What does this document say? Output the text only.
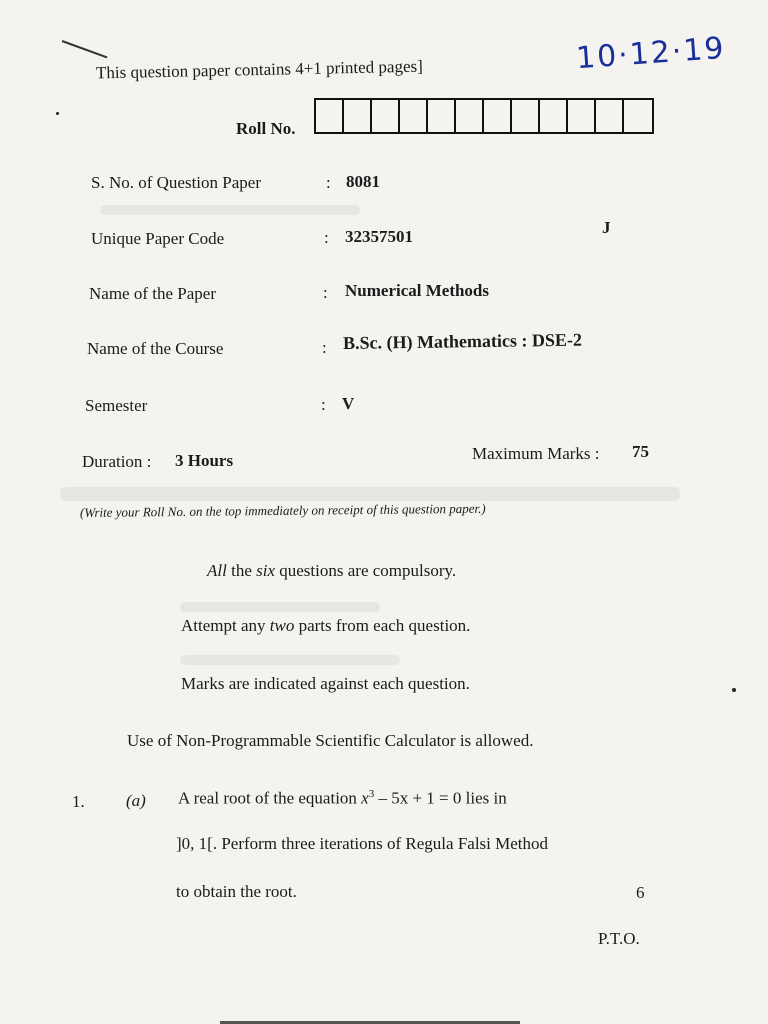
This question paper contains 4+1 printed pages]	10·12·19
Roll No.
S. No. of Question Paper	: 8081
Unique Paper Code	: 32357501	J
Name of the Paper	: Numerical Methods
Name of the Course	: B.Sc. (H) Mathematics : DSE-2
Semester	: V
Duration : 3 Hours	Maximum Marks : 75
(Write your Roll No. on the top immediately on receipt of this question paper.)
All the six questions are compulsory.
Attempt any two parts from each question.
Marks are indicated against each question.
Use of Non-Programmable Scientific Calculator is allowed.
1. (a) A real root of the equation $x^3 - 5x + 1 = 0$ lies in
]0, 1[. Perform three iterations of Regula Falsi Method
to obtain the root.	6
P.T.O.
